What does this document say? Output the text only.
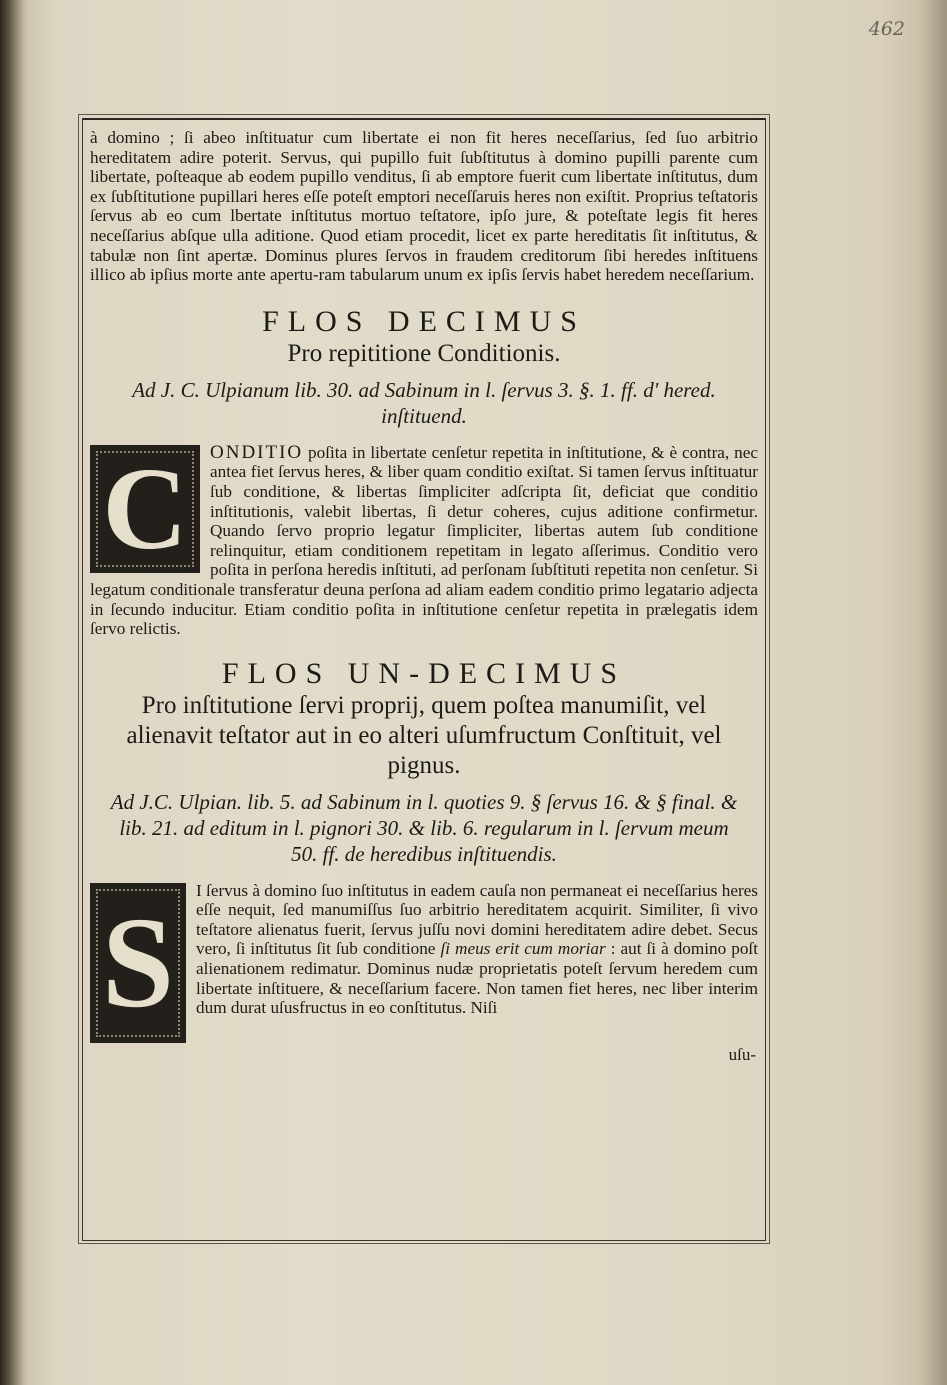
462

à domino ; ſi abeo inſtituatur cum libertate ei non fit heres neceſſarius, ſed ſuo arbitrio hereditatem adire poterit. Servus, qui pupillo fuit ſubſtitutus à domino pupilli parente cum libertate, poſteaque ab eodem pupillo venditus, ſi ab emptore fuerit cum libertate inſtitutus, dum ex ſubſtitutione pupillari heres eſſe poteſt emptori neceſſaruis heres non exiſtit. Proprius teſtatoris ſervus ab eo cum lbertate inſtitutus mortuo teſtatore, ipſo jure, & poteſtate legis fit heres neceſſarius abſque ulla aditione. Quod etiam procedit, licet ex parte hereditatis ſit inſtitutus, & tabulæ non ſint apertæ. Dominus plures ſervos in fraudem creditorum ſibi heredes inſtituens illico ab ipſius morte ante apertu-ram tabularum unum ex ipſis ſervis habet heredem neceſſarium.

FLOS DECIMUS
Pro repititione Conditionis.
Ad J. C. Ulpianum lib. 30. ad Sabinum in l. ſervus 3. §. 1. ff. d' hered. inſtituend.
C	ONDITIO poſita in libertate cenſetur repetita in inſtitutione, & è contra, nec antea fiet ſervus heres, & liber quam conditio exiſtat. Si tamen ſervus inſtituatur ſub conditione, & libertas ſimpliciter adſcripta ſit, deficiat que conditio inſtitutionis, valebit libertas, ſi detur coheres, cujus aditione confirmetur. Quando ſervo proprio legatur ſimpliciter, libertas autem ſub conditione relinquitur, etiam conditionem repetitam in legato aſſerimus. Conditio vero poſita in perſona heredis inſtituti, ad perſonam ſubſtituti repetita non cenſetur. Si legatum conditionale transferatur deuna perſona ad aliam eadem conditio primo legatario adjecta in ſecundo inducitur. Etiam conditio poſita in inſtitutione cenſetur repetita in prælegatis idem ſervo relictis.

FLOS UN-DECIMUS
Pro inſtitutione ſervi proprij, quem poſtea manumiſit, vel alienavit teſtator aut in eo alteri uſumfructum Conſtituit, vel pignus.
Ad J.C. Ulpian. lib. 5. ad Sabinum in l. quoties 9. § ſervus 16. & § final. & lib. 21. ad editum in l. pignori 30. & lib. 6. regularum in l. ſervum meum 50. ff. de heredibus inſtituendis.
S

I ſervus à domino ſuo inſtitutus in eadem cauſa non permaneat ei neceſſarius heres eſſe nequit, ſed manumiſſus ſuo arbitrio hereditatem acquirit. Similiter, ſi vivo teſtatore alienatus fuerit, ſervus juſſu novi domini hereditatem adire debet. Secus vero, ſi inſtitutus ſit ſub conditione ſi meus erit cum moriar : aut ſi à domino poſt alienationem redimatur. Dominus nudæ proprietatis poteſt ſervum heredem cum libertate inſtituere, & neceſſarium facere. Non tamen fiet heres, nec liber interim dum durat uſusfructus in eo conſtitutus. Niſi

uſu-
